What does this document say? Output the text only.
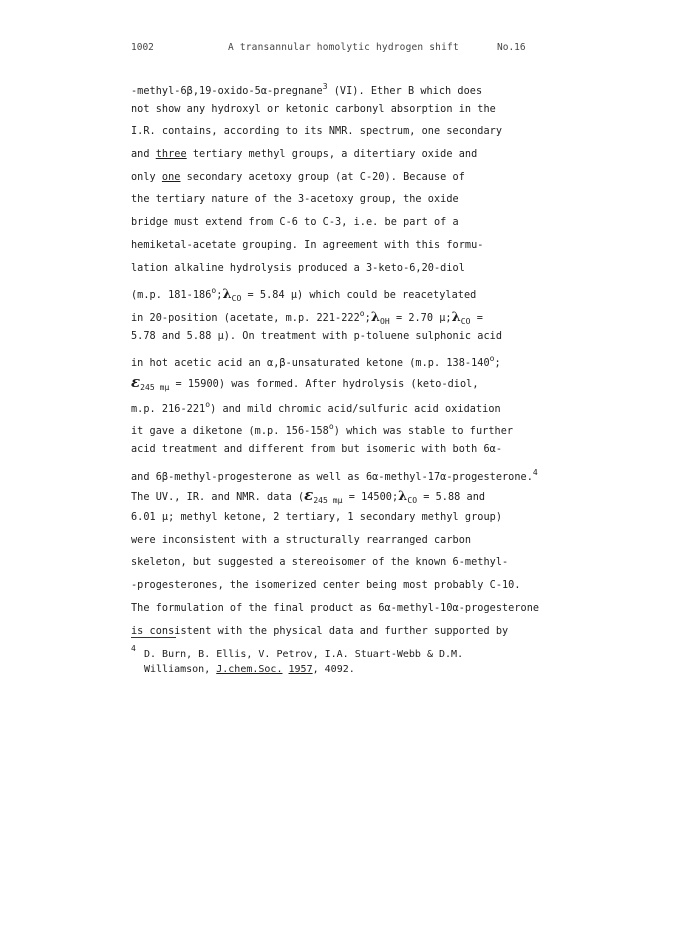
1002	A transannular homolytic hydrogen shift	No.16
-methyl-6β,19-oxido-5α-pregnane$^3$ (VI). Ether B which does
not show any hydroxyl or ketonic carbonyl absorption in the
I.R. contains, according to its NMR. spectrum, one secondary
and three tertiary methyl groups, a ditertiary oxide and
only one secondary acetoxy group (at C-20). Because of
the tertiary nature of the 3-acetoxy group, the oxide
bridge must extend from C-6 to C-3, i.e. be part of a
hemiketal-acetate grouping. In agreement with this formu-
lation alkaline hydrolysis produced a 3-keto-6,20-diol
(m.p. $181-186^o;\lambda_{CO} = 5.84$ μ) which could be reacetylated
in 20-position (acetate, m.p. $221-222^o;\lambda_{OH} = 2.70$ $\mu;\lambda_{CO}$ =
5.78 and 5.88 μ). On treatment with p-toluene sulphonic acid
in hot acetic acid an α,β-unsaturated ketone (m.p. 138-140$^o$;
$\varepsilon_{245 m\mu} = 15900$) was formed. After hydrolysis (keto-diol,
m.p. 216-221$^o$) and mild chromic acid/sulfuric acid oxidation
it gave a diketone (m.p. 156-158$^o$) which was stable to further
acid treatment and different from but isomeric with both 6α-
and 6β-methyl-progesterone as well as 6α-methyl-17α-progesterone.$^4$
The UV., IR. and NMR. data ($\varepsilon_{245 m\mu}$ = $14500;\lambda_{CO} = 5.88$ and
6.01 μ; methyl ketone, 2 tertiary, 1 secondary methyl group)
were inconsistent with a structurally rearranged carbon
skeleton, but suggested a stereoisomer of the known 6-methyl-
-progesterones, the isomerized center being most probably C-10.
The formulation of the final product as 6α-methyl-10α-progesterone
is consistent with the physical data and further supported by
4
D. Burn, B. Ellis, V. Petrov, I.A. Stuart-Webb & D.M.
Williamson, J.chem.Soc. 1957, 4092.
